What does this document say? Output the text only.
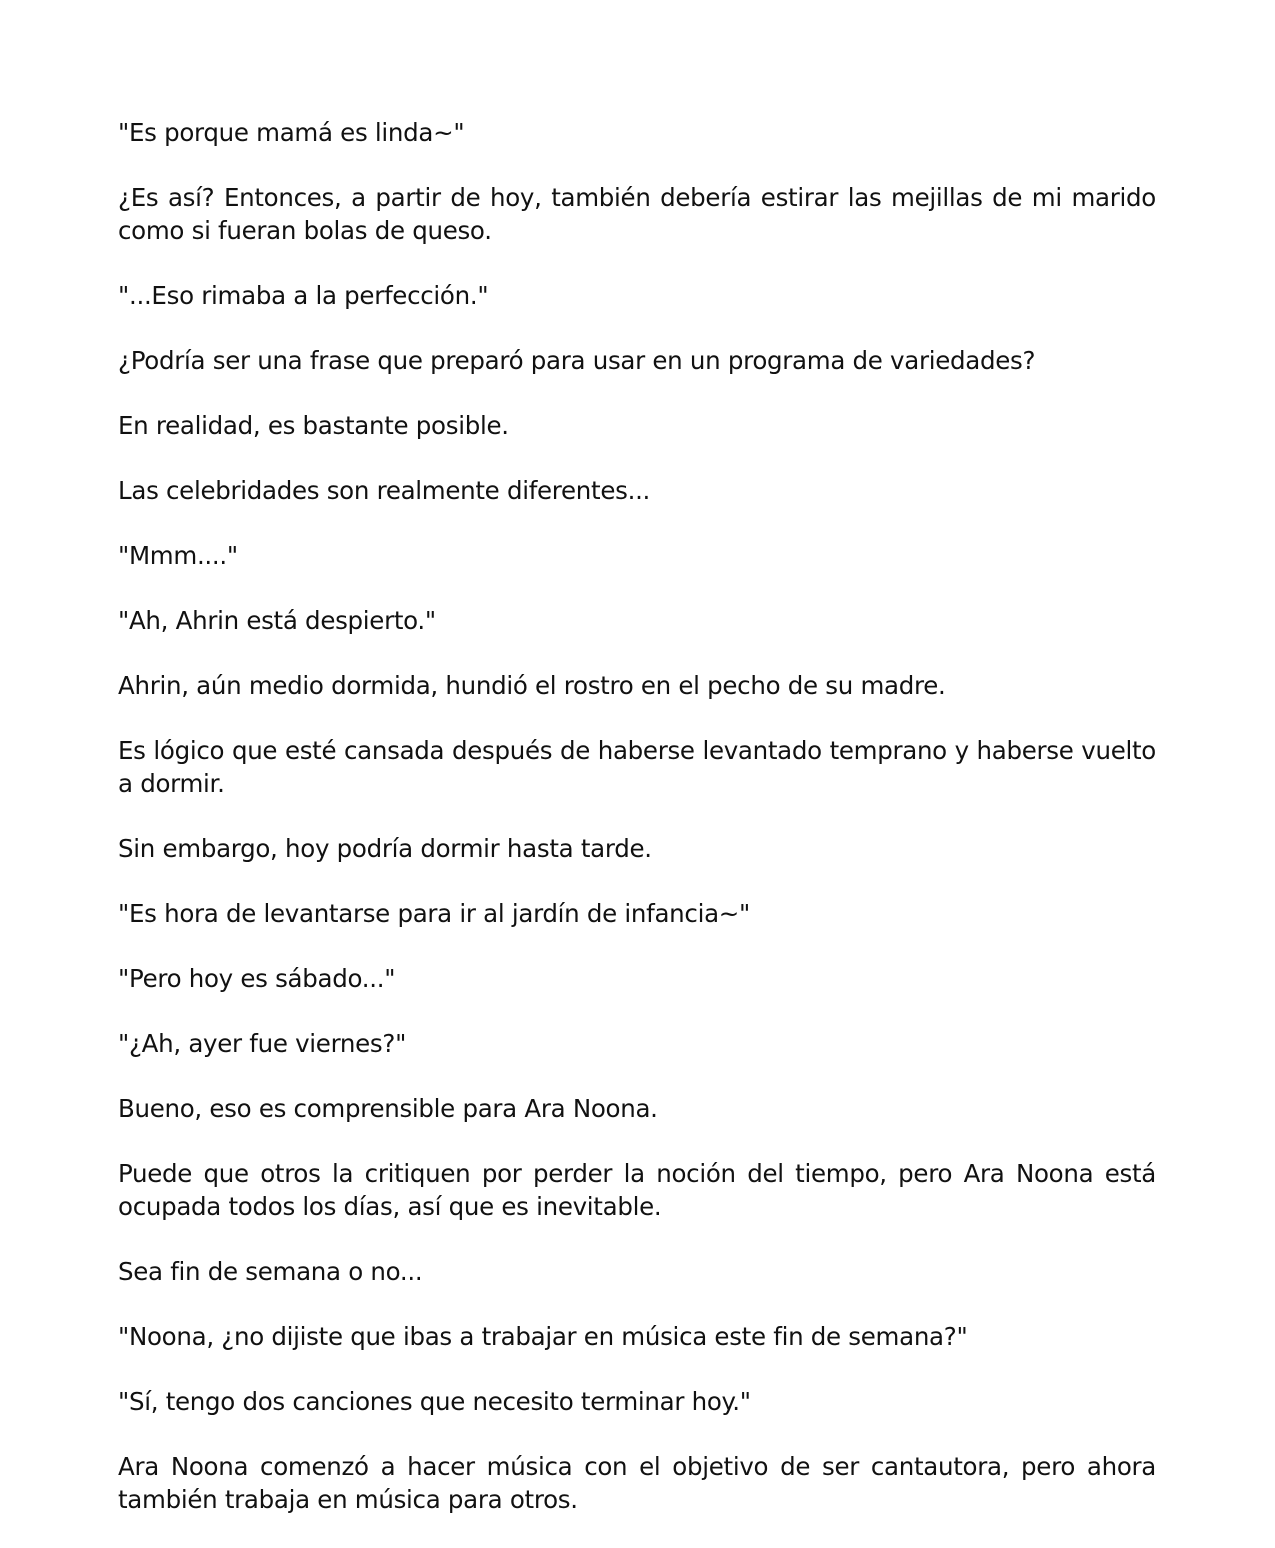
"Es porque mamá es linda~"

¿Es así? Entonces, a partir de hoy, también debería estirar las mejillas de mi marido como si fueran bolas de queso.

"...Eso rimaba a la perfección."

¿Podría ser una frase que preparó para usar en un programa de variedades?

En realidad, es bastante posible.

Las celebridades son realmente diferentes...

"Mmm...."

"Ah, Ahrin está despierto."

Ahrin, aún medio dormida, hundió el rostro en el pecho de su madre.

Es lógico que esté cansada después de haberse levantado temprano y haberse vuelto a dormir.

Sin embargo, hoy podría dormir hasta tarde.

"Es hora de levantarse para ir al jardín de infancia~"

"Pero hoy es sábado..."

"¿Ah, ayer fue viernes?"

Bueno, eso es comprensible para Ara Noona.

Puede que otros la critiquen por perder la noción del tiempo, pero Ara Noona está ocupada todos los días, así que es inevitable.

Sea fin de semana o no...

"Noona, ¿no dijiste que ibas a trabajar en música este fin de semana?"

"Sí, tengo dos canciones que necesito terminar hoy."

Ara Noona comenzó a hacer música con el objetivo de ser cantautora, pero ahora también trabaja en música para otros.
